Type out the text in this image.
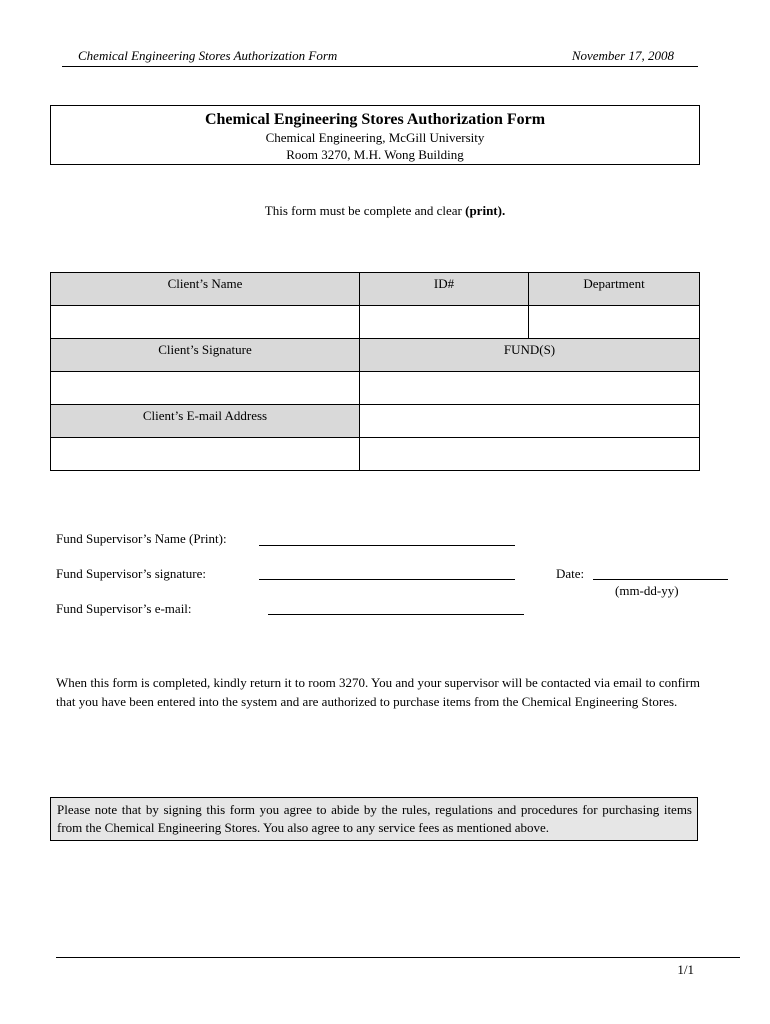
Chemical Engineering Stores Authorization Form	November 17, 2008
Chemical Engineering Stores Authorization Form
Chemical Engineering, McGill University
Room 3270, M.H. Wong Building
This form must be complete and clear (print).
Client’s Name	ID#	Department

Client’s Signature	FUND(S)	

Client’s E-mail Address		

Fund Supervisor’s Name (Print):
Fund Supervisor’s signature:	Date:
(mm-dd-yy)
Fund Supervisor’s e-mail:
When this form is completed, kindly return it to room 3270. You and your supervisor will be contacted via email to confirm that you have been entered into the system and are authorized to purchase items from the Chemical Engineering Stores.
Please note that by signing this form you agree to abide by the rules, regulations and procedures for purchasing items from the Chemical Engineering Stores. You also agree to any service fees as mentioned above.
1/1
